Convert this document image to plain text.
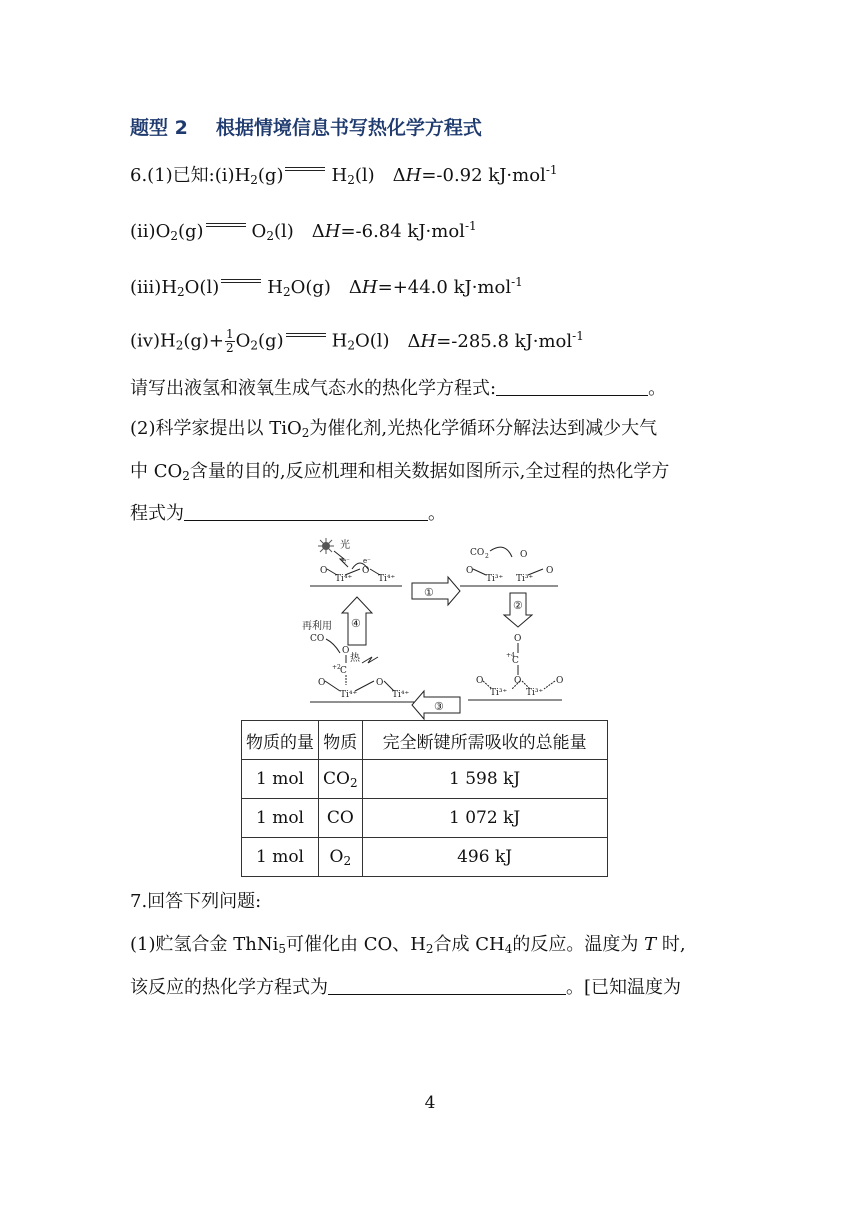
题型 2 根据情境信息书写热化学方程式
6.(1)已知$:(ⅰ)H_2(g)$	$H_2(l)$ ΔH=-0.92 kJ·mol$^{-1}$
$(ⅱ)O_2(g)$	$O_2(l)$ ΔH=-6.84 kJ·mol$^{-1}$
$(ⅲ)H_2O(l)$	$H_2O(g)$ ΔH=+44.0 kJ·mol$^{-1}$
$(ⅳ)H_2(g)+ \frac{1}{2} O_2(g)$	$H_2O(l)$ ΔH=-285.8 kJ·mol$^{-1}$
请写出液氢和液氧生成气态水的热化学方程式:	。
(2)科学家提出以 TiO$_2$为催化剂,光热化学循环分解法达到减少大气
中 $CO_2$含量的目的,反应机理和相关数据如图所示,全过程的热化学方
程式为	。
光
e⁻ e⁻
O
Ti⁴⁺
O
Ti⁴⁺
①
CO 2	O
O
Ti³⁺ Ti³⁺
O
②
O
C
+4
O	O	O
Ti³⁺ Ti³⁺
③
再利用
CO
O
热
C
+2
O	O
Ti⁴⁺	Ti⁴⁺
④
物质的量	物质	完全断键所需吸收的总能量
1 mol	$CO_2$	1 598 kJ
1 mol	CO	1 072 kJ
1 mol	$O_2$	496 kJ
7.回答下列问题:
(1)贮氢合金 ThNi$_5$可催化由 CO、$H_2$合成 $CH_4$的反应。温度为 T 时,
该反应的热化学方程式为	。[已知温度为
4
